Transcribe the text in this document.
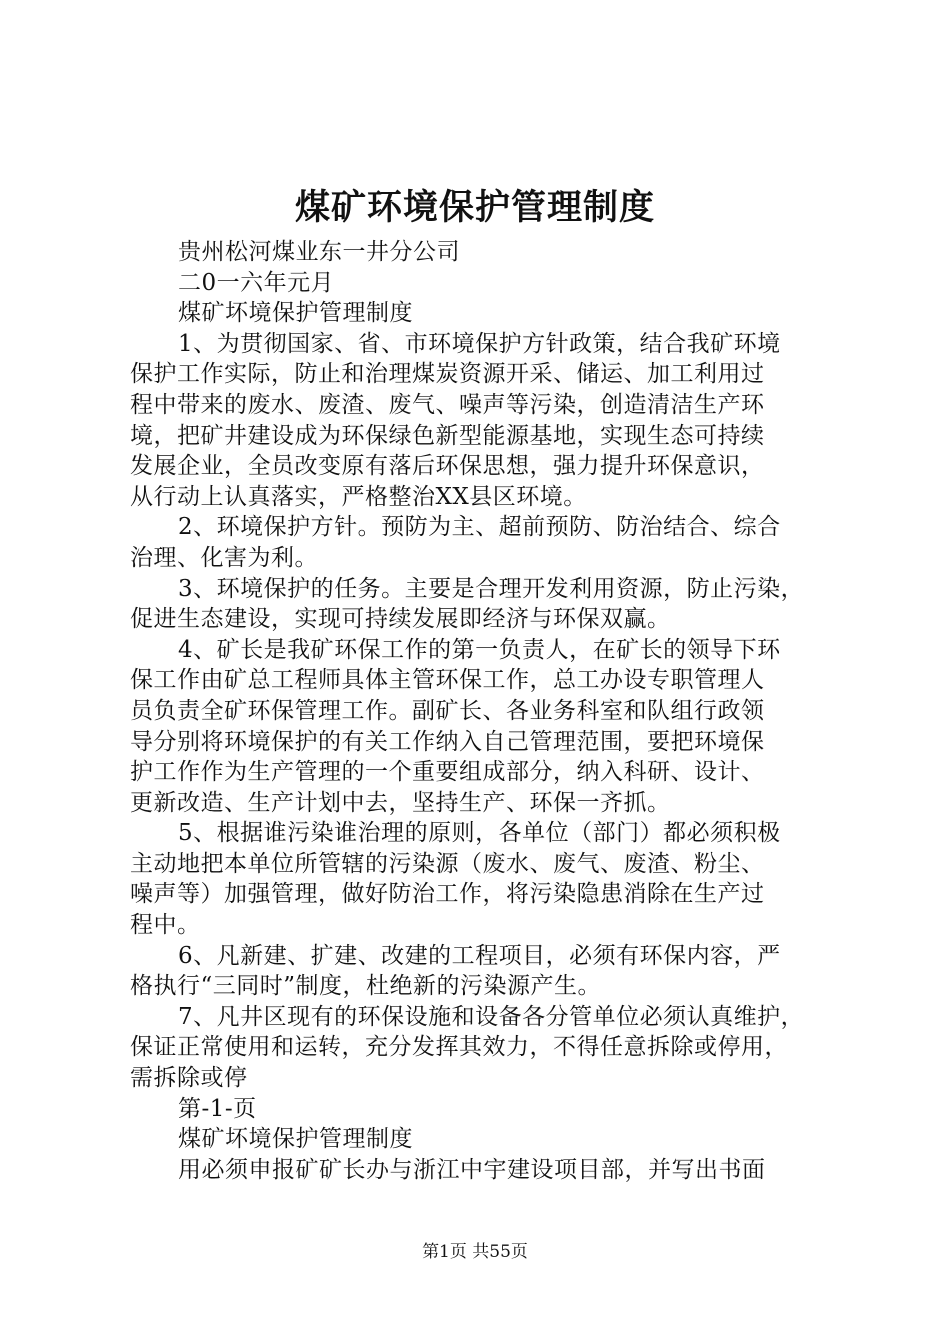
煤矿环境保护管理制度
贵州松河煤业东一井分公司
二0一六年元月
煤矿坏境保护管理制度
1、为贯彻国家、省、市环境保护方针政策，结合我矿环境
保护工作实际，防止和治理煤炭资源开采、储运、加工利用过
程中带来的废水、废渣、废气、噪声等污染，创造清洁生产环
境，把矿井建设成为环保绿色新型能源基地，实现生态可持续
发展企业，全员改变原有落后环保思想，强力提升环保意识，
从行动上认真落实，严格整治XX县区环境。
2、环境保护方针。预防为主、超前预防、防治结合、综合
治理、化害为利。
3、环境保护的任务。主要是合理开发利用资源，防止污染，
促进生态建设，实现可持续发展即经济与环保双赢。
4、矿长是我矿环保工作的第一负责人，在矿长的领导下环
保工作由矿总工程师具体主管环保工作，总工办设专职管理人
员负责全矿环保管理工作。副矿长、各业务科室和队组行政领
导分别将环境保护的有关工作纳入自己管理范围，要把环境保
护工作作为生产管理的一个重要组成部分，纳入科研、设计、
更新改造、生产计划中去，坚持生产、环保一齐抓。
5、根据谁污染谁治理的原则，各单位（部门）都必须积极
主动地把本单位所管辖的污染源（废水、废气、废渣、粉尘、
噪声等）加强管理，做好防治工作，将污染隐患消除在生产过
程中。
6、凡新建、扩建、改建的工程项目，必须有环保内容，严
格执行“三同时”制度，杜绝新的污染源产生。
7、凡井区现有的环保设施和设备各分管单位必须认真维护，
保证正常使用和运转，充分发挥其效力，不得任意拆除或停用，
需拆除或停
第-1-页
煤矿坏境保护管理制度
用必须申报矿矿长办与浙江中宇建设项目部，并写出书面
第1页 共55页
